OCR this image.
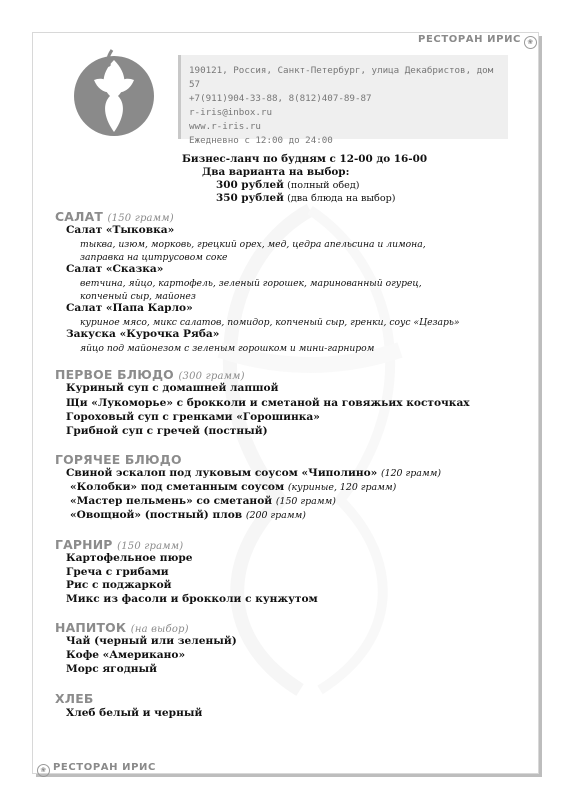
РЕСТОРАН ИРИС ❀
190121, Россия, Санкт-Петербург, улица Декабристов, дом 57
+7(911)904-33-88, 8(812)407-89-87
r-iris@inbox.ru
www.r-iris.ru
Ежедневно с 12:00 до 24:00
Бизнес-ланч по будням с 12-00 до 16-00
Два варианта на выбор:
300 рублей (полный обед)
350 рублей (два блюда на выбор)
САЛАТ (150 грамм)
Салат «Тыковка»
тыква, изюм, морковь, грецкий орех, мед, цедра апельсина и лимона,
заправка на цитрусовом соке
Салат «Сказка»
ветчина, яйцо, картофель, зеленый горошек, маринованный огурец,
копченый сыр, майонез
Салат «Папа Карло»
куриное мясо, микс салатов, помидор, копченый сыр, гренки, соус «Цезарь»
Закуска «Курочка Ряба»
яйцо под майонезом с зеленым горошком и мини-гарниром
ПЕРВОЕ БЛЮДО (300 грамм)
Куриный суп с домашней лапшой
Щи «Лукоморье» с брокколи и сметаной на говяжьих косточках
Гороховый суп с гренками «Горошинка»
Грибной суп с гречей (постный)
ГОРЯЧЕЕ БЛЮДО
Свиной эскалоп под луковым соусом «Чиполино» (120 грамм)
«Колобки» под сметанным соусом (куриные, 120 грамм)
«Мастер пельмень» со сметаной (150 грамм)
«Овощной» (постный) плов (200 грамм)
ГАРНИР (150 грамм)
Картофельное пюре
Греча с грибами
Рис с поджаркой
Микс из фасоли и брокколи с кунжутом
НАПИТОК (на выбор)
Чай (черный или зеленый)
Кофе «Американо»
Морс ягодный
ХЛЕБ
Хлеб белый и черный
❀ РЕСТОРАН ИРИС
